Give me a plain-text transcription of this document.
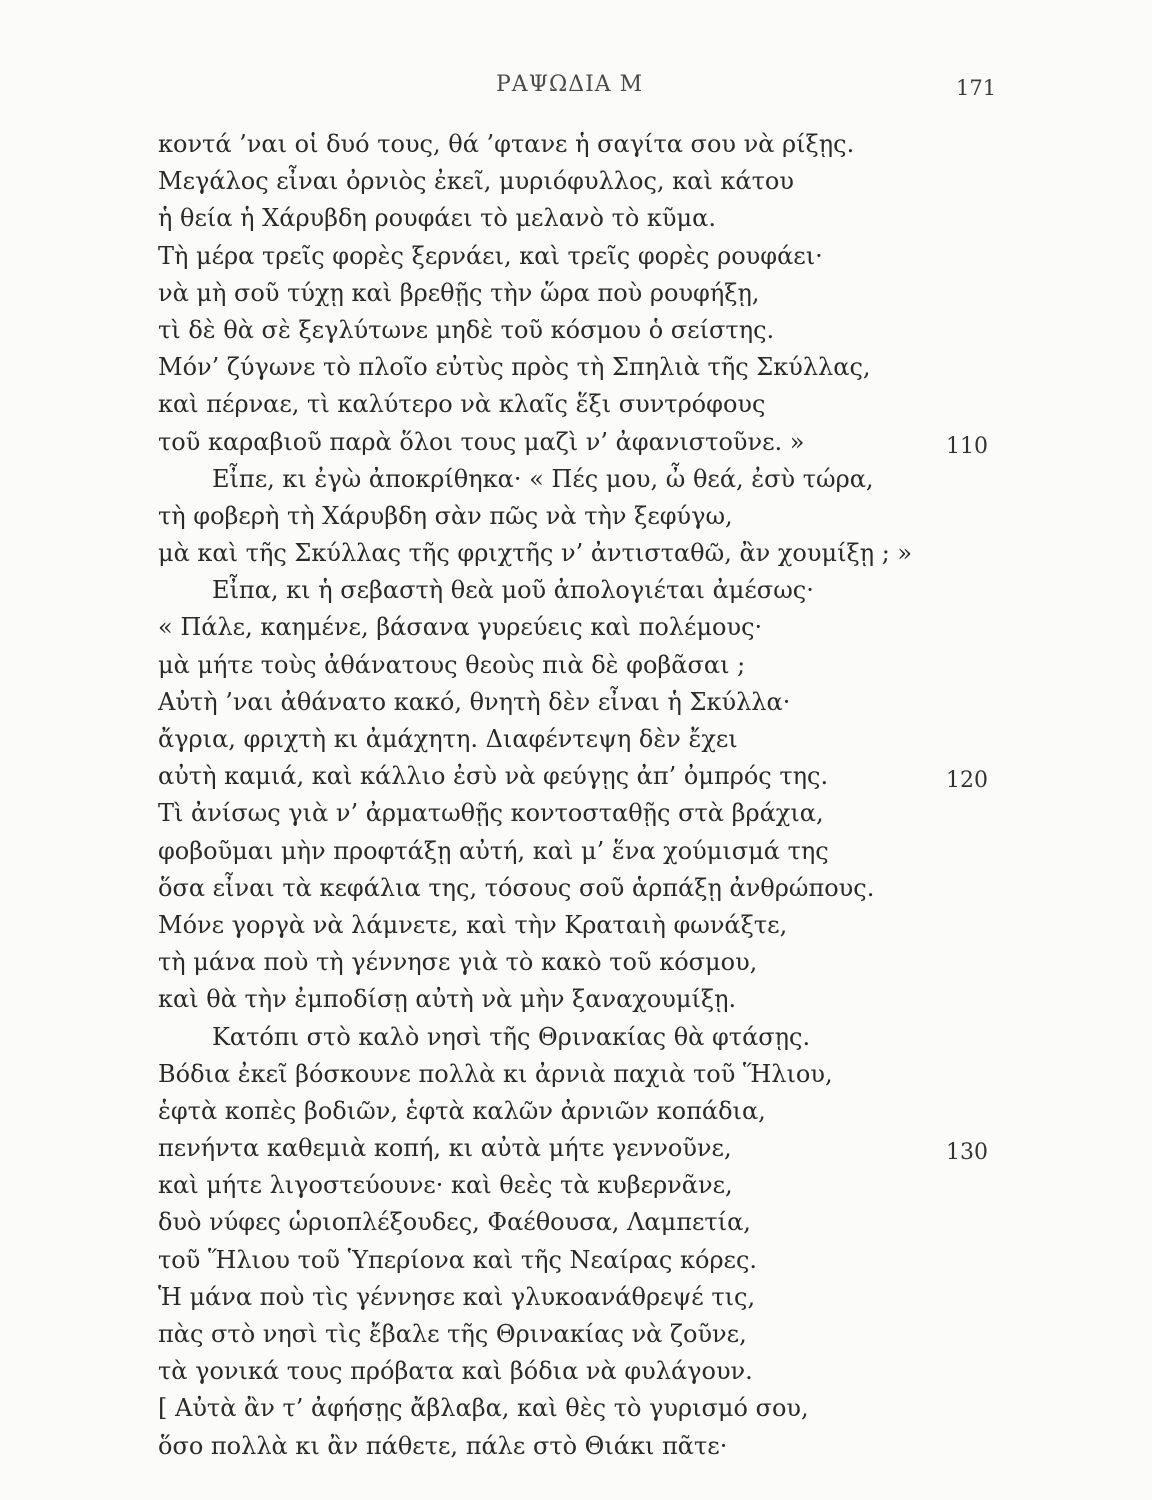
ΡΑΨΩΔΙΑ Μ	171
κοντά ’ναι οἱ δυό τους, θά ’φτανε ἡ σαγίτα σου νὰ ρίξῃς.
Μεγάλος εἶναι ὀρνιὸς ἐκεῖ, μυριόφυλλος, καὶ κάτου
ἡ θεία ἡ Χάρυβδη ρουφάει τὸ μελανὸ τὸ κῦμα.
Τὴ μέρα τρεῖς φορὲς ξερνάει, καὶ τρεῖς φορὲς ρουφάει·
νὰ μὴ σοῦ τύχῃ καὶ βρεθῇς τὴν ὥρα ποὺ ρουφήξῃ,
τὶ δὲ θὰ σὲ ξεγλύτωνε μηδὲ τοῦ κόσμου ὁ σείστης.
Μόν’ ζύγωνε τὸ πλοῖο εὐτὺς πρὸς τὴ Σπηλιὰ τῆς Σκύλλας,
καὶ πέρναε, τὶ καλύτερο νὰ κλαῖς ἕξι συντρόφους
τοῦ καραβιοῦ παρὰ ὅλοι τους μαζὶ ν’ ἀφανιστοῦνε. »	110
Εἶπε, κι ἐγὼ ἀποκρίθηκα· « Πές μου, ὦ θεά, ἐσὺ τώρα,
τὴ φοβερὴ τὴ Χάρυβδη σὰν πῶς νὰ τὴν ξεφύγω,
μὰ καὶ τῆς Σκύλλας τῆς φριχτῆς ν’ ἀντισταθῶ, ἂν χουμίξῃ ; »
Εἶπα, κι ἡ σεβαστὴ θεὰ μοῦ ἀπολογιέται ἀμέσως·
« Πάλε, καημένε, βάσανα γυρεύεις καὶ πολέμους·
μὰ μήτε τοὺς ἀθάνατους θεοὺς πιὰ δὲ φοβᾶσαι ;
Αὐτὴ ’ναι ἀθάνατο κακό, θνητὴ δὲν εἶναι ἡ Σκύλλα·
ἄγρια, φριχτὴ κι ἀμάχητη. Διαφέντεψη δὲν ἔχει
αὐτὴ καμιά, καὶ κάλλιο ἐσὺ νὰ φεύγῃς ἀπ’ ὀμπρός της.	120
Τὶ ἀνίσως γιὰ ν’ ἀρματωθῇς κοντοσταθῇς στὰ βράχια,
φοβοῦμαι μὴν προφτάξῃ αὐτή, καὶ μ’ ἕνα χούμισμά της
ὅσα εἶναι τὰ κεφάλια της, τόσους σοῦ ἁρπάξῃ ἀνθρώπους.
Μόνε γοργὰ νὰ λάμνετε, καὶ τὴν Κραταιὴ φωνάξτε,
τὴ μάνα ποὺ τὴ γέννησε γιὰ τὸ κακὸ τοῦ κόσμου,
καὶ θὰ τὴν ἐμποδίσῃ αὐτὴ νὰ μὴν ξαναχουμίξῃ.
Κατόπι στὸ καλὸ νησὶ τῆς Θρινακίας θὰ φτάσῃς.
Βόδια ἐκεῖ βόσκουνε πολλὰ κι ἀρνιὰ παχιὰ τοῦ Ἥλιου,
ἑφτὰ κοπὲς βοδιῶν, ἑφτὰ καλῶν ἀρνιῶν κοπάδια,
πενήντα καθεμιὰ κοπή, κι αὐτὰ μήτε γεννοῦνε,	130
καὶ μήτε λιγοστεύουνε· καὶ θεὲς τὰ κυβερνᾶνε,
δυὸ νύφες ὡριοπλέξουδες, Φαέθουσα, Λαμπετία,
τοῦ Ἥλιου τοῦ Ὑπερίονα καὶ τῆς Νεαίρας κόρες.
Ἡ μάνα ποὺ τὶς γέννησε καὶ γλυκοανάθρεψέ τις,
πὰς στὸ νησὶ τὶς ἔβαλε τῆς Θρινακίας νὰ ζοῦνε,
τὰ γονικά τους πρόβατα καὶ βόδια νὰ φυλάγουν.
[ Αὐτὰ ἂν τ’ ἀφήσῃς ἄβλαβα, καὶ θὲς τὸ γυρισμό σου,
ὅσο πολλὰ κι ἂν πάθετε, πάλε στὸ Θιάκι πᾶτε·
